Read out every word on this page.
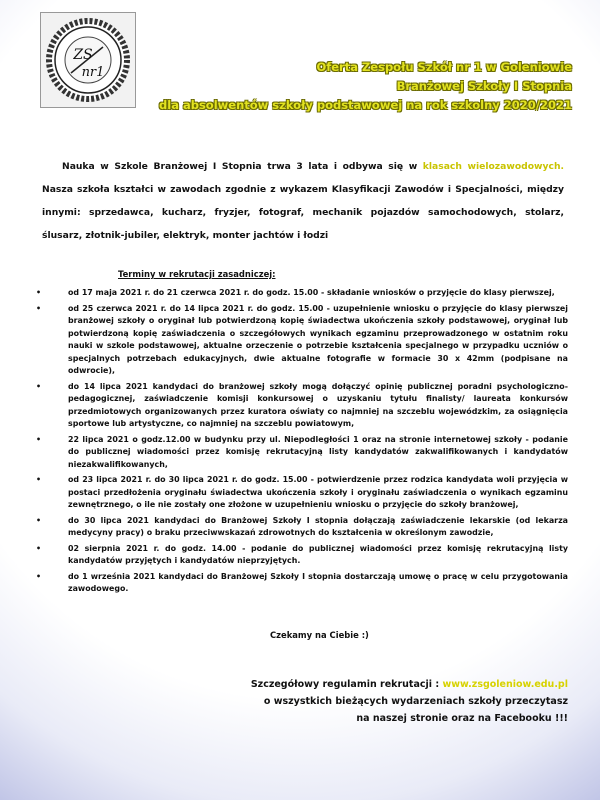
ZS
nr1	Oferta Zespołu Szkół nr 1 w Goleniowie
Branżowej Szkoły I Stopnia
dla absolwentów szkoły podstawowej na rok szkolny 2020/2021
Nauka w Szkole Branżowej I Stopnia trwa 3 lata i odbywa się w klasach wielozawodowych. Nasza szkoła kształci w zawodach zgodnie z wykazem Klasyfikacji Zawodów i Specjalności, między innymi: sprzedawca, kucharz, fryzjer, fotograf, mechanik pojazdów samochodowych, stolarz, ślusarz, złotnik-jubiler, elektryk, monter jachtów i łodzi
Terminy w rekrutacji zasadniczej:
•	od 17 maja 2021 r. do 21 czerwca 2021 r. do godz. 15.00 - składanie wniosków o przyjęcie do klasy pierwszej,
•	od 25 czerwca 2021 r. do 14 lipca 2021 r. do godz. 15.00 - uzupełnienie wniosku o przyjęcie do klasy pierwszej branżowej szkoły o oryginał lub potwierdzoną kopię świadectwa ukończenia szkoły podstawowej, oryginał lub potwierdzoną kopię zaświadczenia o szczegółowych wynikach egzaminu przeprowadzonego w ostatnim roku nauki w szkole podstawowej, aktualne orzeczenie o potrzebie kształcenia specjalnego w przypadku uczniów o specjalnych potrzebach edukacyjnych, dwie aktualne fotografie w formacie 30 x 42mm (podpisane na odwrocie),
•	do 14 lipca 2021 kandydaci do branżowej szkoły mogą dołączyć opinię publicznej poradni psychologiczno-pedagogicznej, zaświadczenie komisji konkursowej o uzyskaniu tytułu finalisty/ laureata konkursów przedmiotowych organizowanych przez kuratora oświaty co najmniej na szczeblu wojewódzkim, za osiągnięcia sportowe lub artystyczne, co najmniej na szczeblu powiatowym,
•	22 lipca 2021 o godz.12.00 w budynku przy ul. Niepodległości 1 oraz na stronie internetowej szkoły - podanie do publicznej wiadomości przez komisję rekrutacyjną listy kandydatów zakwalifikowanych i kandydatów niezakwalifikowanych,
•	od 23 lipca 2021 r. do 30 lipca 2021 r. do godz. 15.00 - potwierdzenie przez rodzica kandydata woli przyjęcia w postaci przedłożenia oryginału świadectwa ukończenia szkoły i oryginału zaświadczenia o wynikach egzaminu zewnętrznego, o ile nie zostały one złożone w uzupełnieniu wniosku o przyjęcie do szkoły branżowej,
•	do 30 lipca 2021 kandydaci do Branżowej Szkoły I stopnia dołączają zaświadczenie lekarskie (od lekarza medycyny pracy) o braku przeciwwskazań zdrowotnych do kształcenia w określonym zawodzie,
•	02 sierpnia 2021 r. do godz. 14.00 - podanie do publicznej wiadomości przez komisję rekrutacyjną listy kandydatów przyjętych i kandydatów nieprzyjętych.
•	do 1 września 2021 kandydaci do Branżowej Szkoły I stopnia dostarczają umowę o pracę w celu przygotowania zawodowego.
Czekamy na Ciebie :)
Szczegółowy regulamin rekrutacji : www.zsgoleniow.edu.pl
o wszystkich bieżących wydarzeniach szkoły przeczytasz
na naszej stronie oraz na Facebooku !!!
